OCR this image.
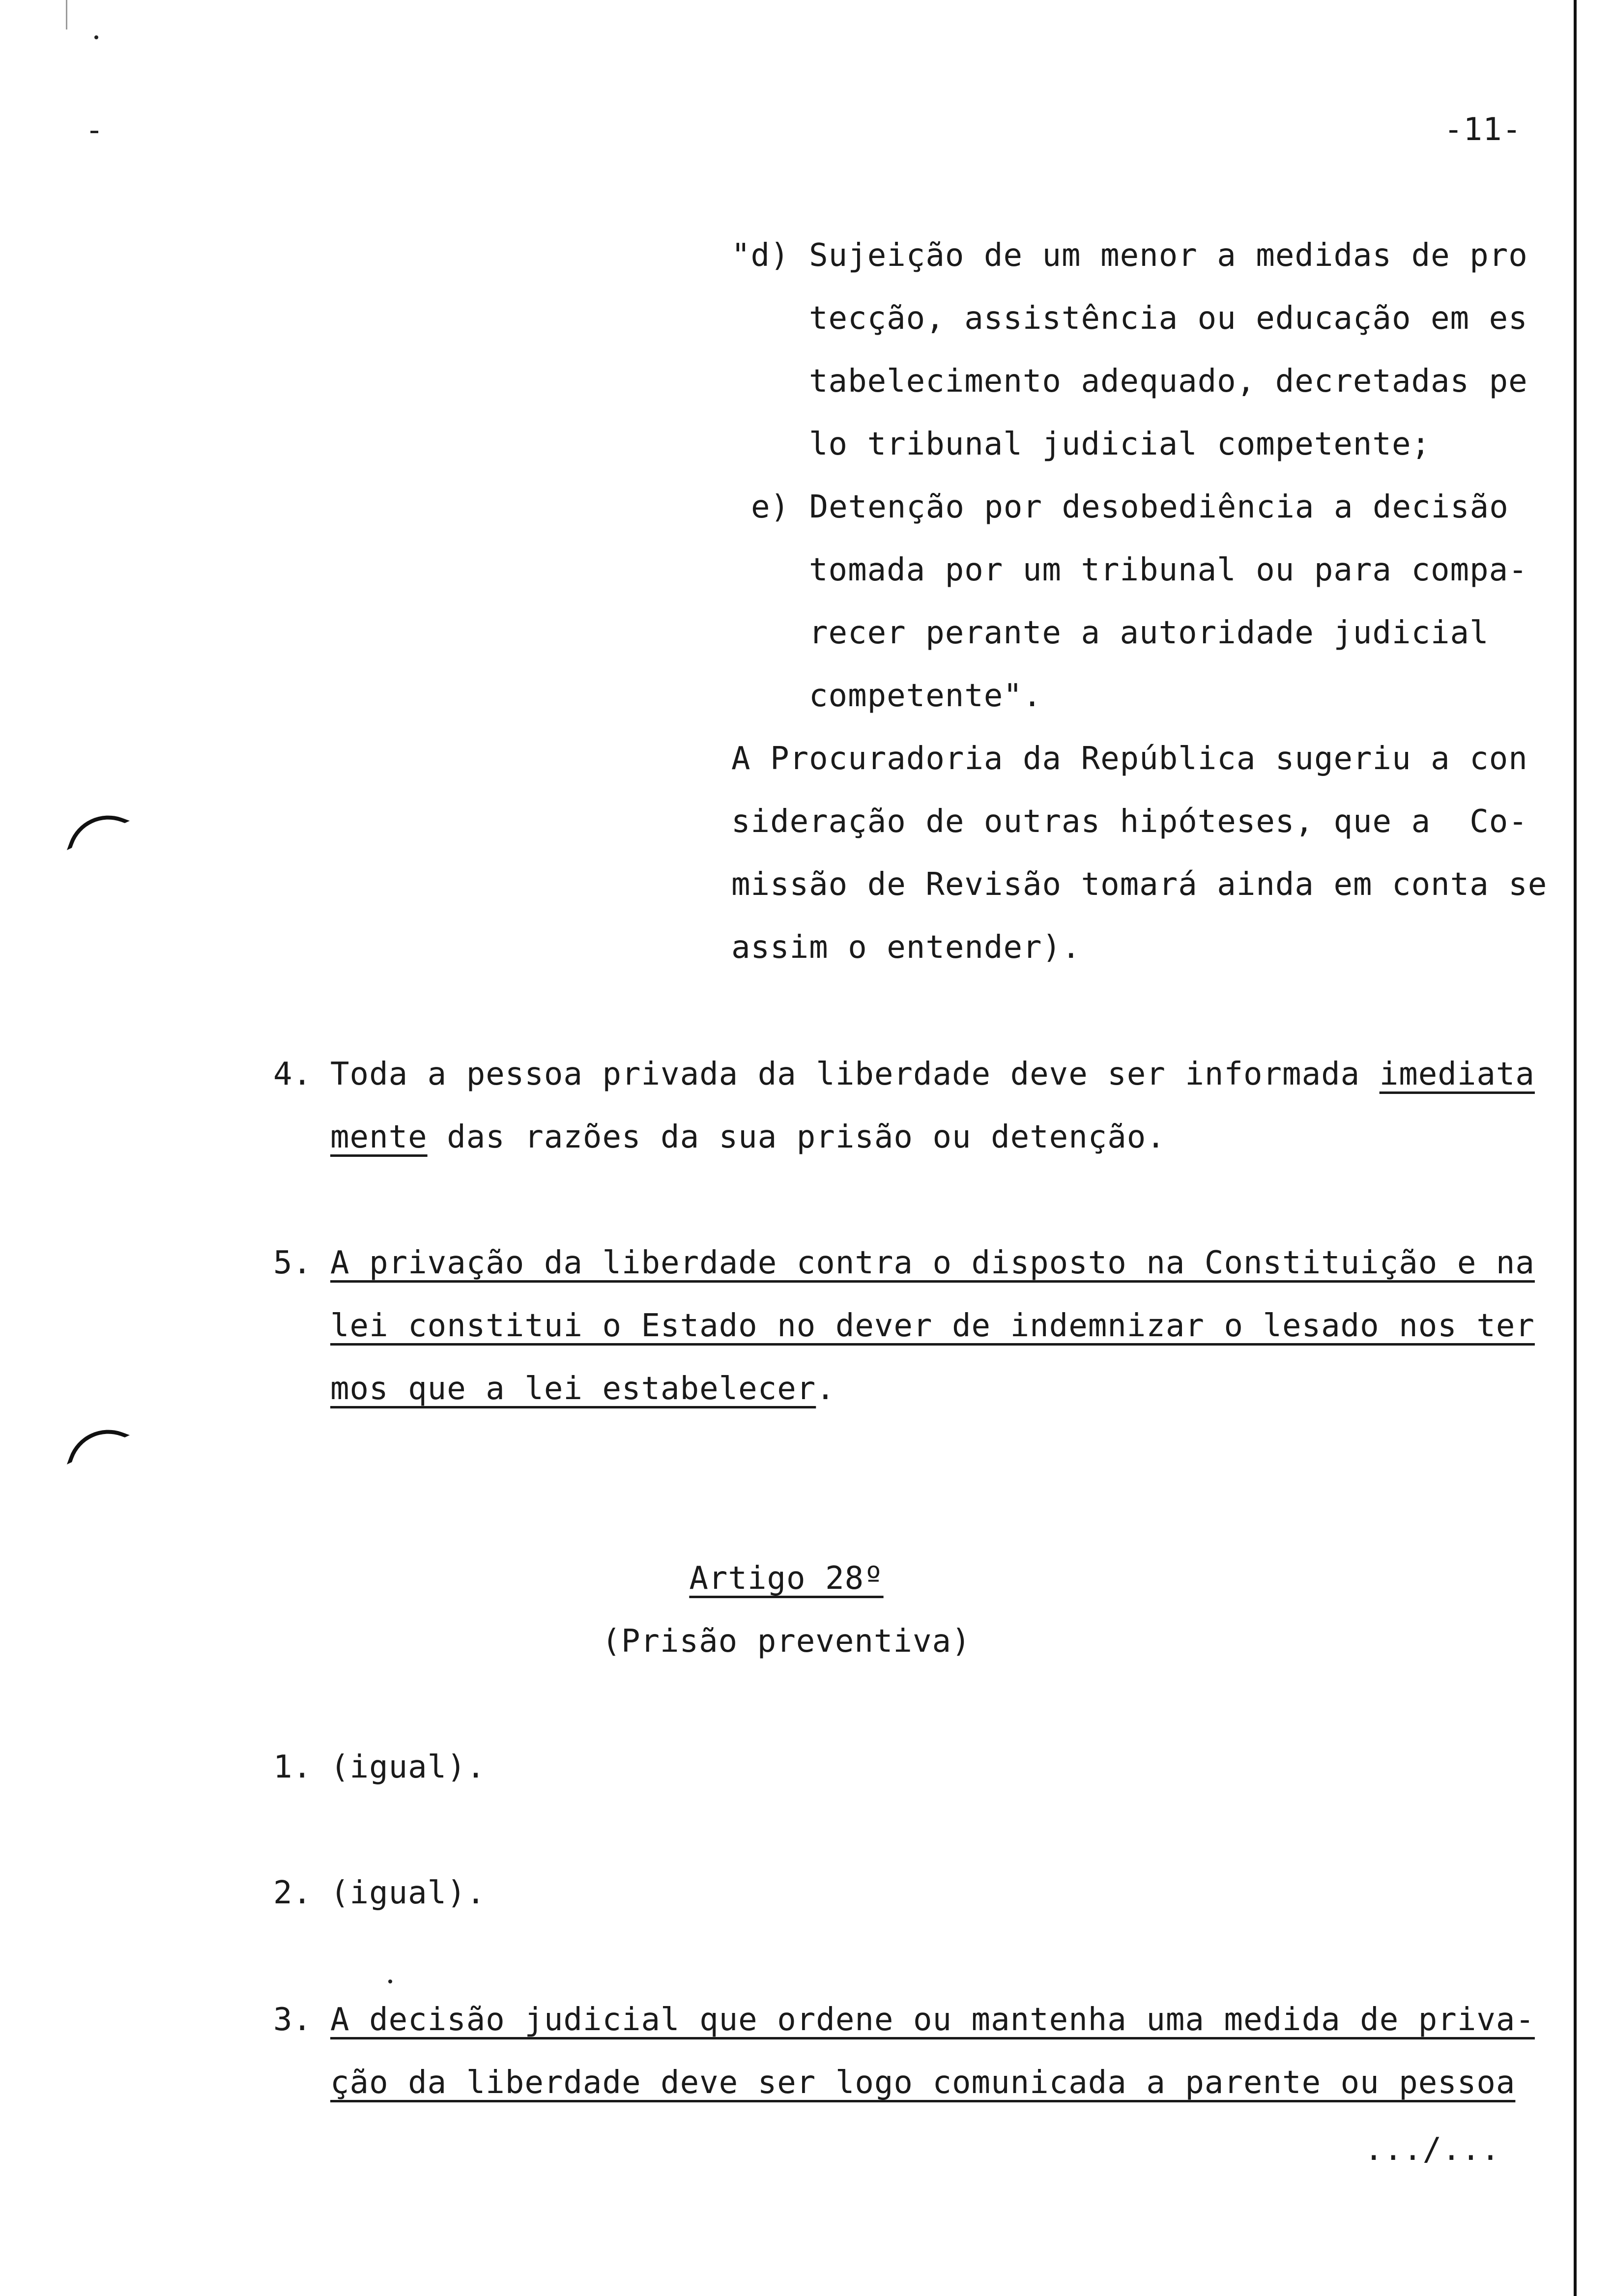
-11-
"d) Sujeição de um menor a medidas de pro
tecção, assistência ou educação em es
tabelecimento adequado, decretadas pe
lo tribunal judicial competente;
e) Detenção por desobediência a decisão
tomada por um tribunal ou para compa-
recer perante a autoridade judicial
competente".
A Procuradoria da República sugeriu a con
sideração de outras hipóteses, que a  Co-
missão de Revisão tomará ainda em conta se
assim o entender).
4. Toda a pessoa privada da liberdade deve ser informada imediata
mente das razões da sua prisão ou detenção.
5. A privação da liberdade contra o disposto na Constituição e na
lei constitui o Estado no dever de indemnizar o lesado nos ter
mos que a lei estabelecer.
Artigo 28º
(Prisão preventiva)
1. (igual).
2. (igual).
3. A decisão judicial que ordene ou mantenha uma medida de priva-
ção da liberdade deve ser logo comunicada a parente ou pessoa
.../...
